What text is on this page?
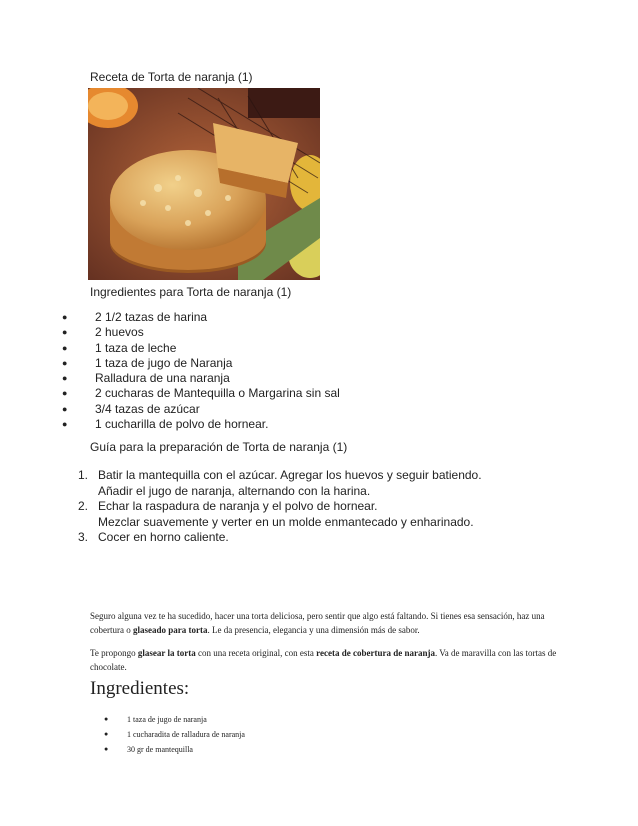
Receta de Torta de naranja (1)
Ingredientes para Torta de naranja (1)
● 2 1/2 tazas de harina
● 2 huevos
● 1 taza de leche
● 1 taza de jugo de Naranja
● Ralladura de una naranja
● 2 cucharas de Mantequilla o Margarina sin sal
● 3/4 tazas de azúcar
● 1 cucharilla de polvo de hornear.
Guía para la preparación de Torta de naranja (1)
1. Batir la mantequilla con el azúcar. Agregar los huevos y seguir batiendo.
Añadir el jugo de naranja, alternando con la harina.
2. Echar la raspadura de naranja y el polvo de hornear.
Mezclar suavemente y verter en un molde enmantecado y enharinado.
3. Cocer en horno caliente.

Seguro alguna vez te ha sucedido, hacer una torta deliciosa, pero sentir que algo está faltando. Si tienes esa sensación, haz una cobertura o glaseado para torta. Le da presencia, elegancia y una dimensión más de sabor.

Te propongo glasear la torta con una receta original, con esta receta de cobertura de naranja. Va de maravilla con las tortas de chocolate.

Ingredientes:
● 1 taza de jugo de naranja
● 1 cucharadita de ralladura de naranja
● 30 gr de mantequilla
